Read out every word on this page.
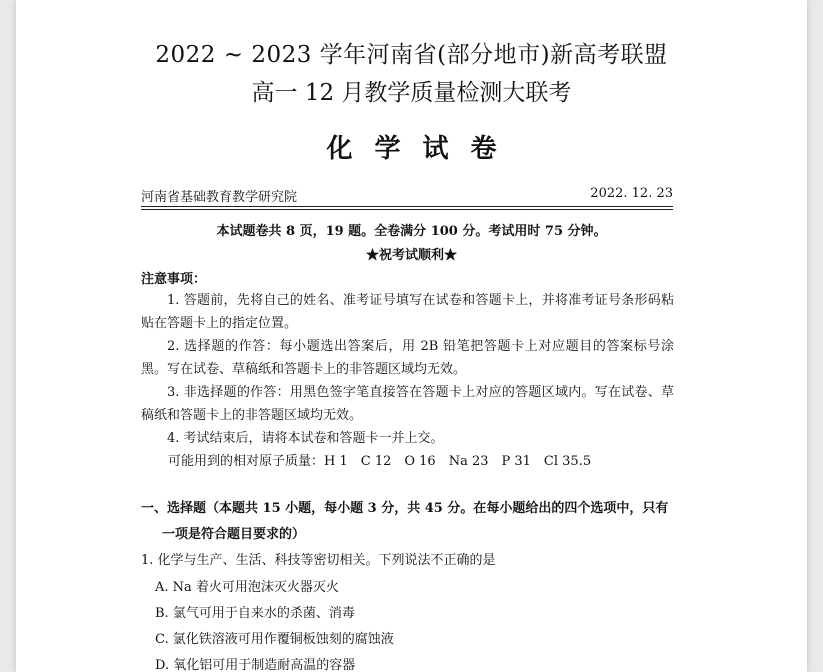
2022 ~ 2023 学年河南省(部分地市)新高考联盟
高一 12 月教学质量检测大联考
化学试卷
河南省基础教育教学研究院	2022. 12. 23
本试题卷共 8 页，19 题。全卷满分 100 分。考试用时 75 分钟。
★祝考试顺利★
注意事项：
1. 答题前，先将自己的姓名、准考证号填写在试卷和答题卡上，并将准考证号条形码粘贴在答题卡上的指定位置。
2. 选择题的作答：每小题选出答案后，用 2B 铅笔把答题卡上对应题目的答案标号涂黑。写在试卷、草稿纸和答题卡上的非答题区域均无效。
3. 非选择题的作答：用黑色签字笔直接答在答题卡上对应的答题区域内。写在试卷、草稿纸和答题卡上的非答题区域均无效。
4. 考试结束后，请将本试卷和答题卡一并上交。
可能用到的相对原子质量：H 1　C 12　O 16　Na 23　P 31　Cl 35.5
一、选择题（本题共 15 小题，每小题 3 分，共 45 分。在每小题给出的四个选项中，只有一项是符合题目要求的）
1. 化学与生产、生活、科技等密切相关。下列说法不正确的是
A. Na 着火可用泡沫灭火器灭火
B. 氯气可用于自来水的杀菌、消毒
C. 氯化铁溶液可用作覆铜板蚀刻的腐蚀液
D. 氧化铝可用于制造耐高温的容器
